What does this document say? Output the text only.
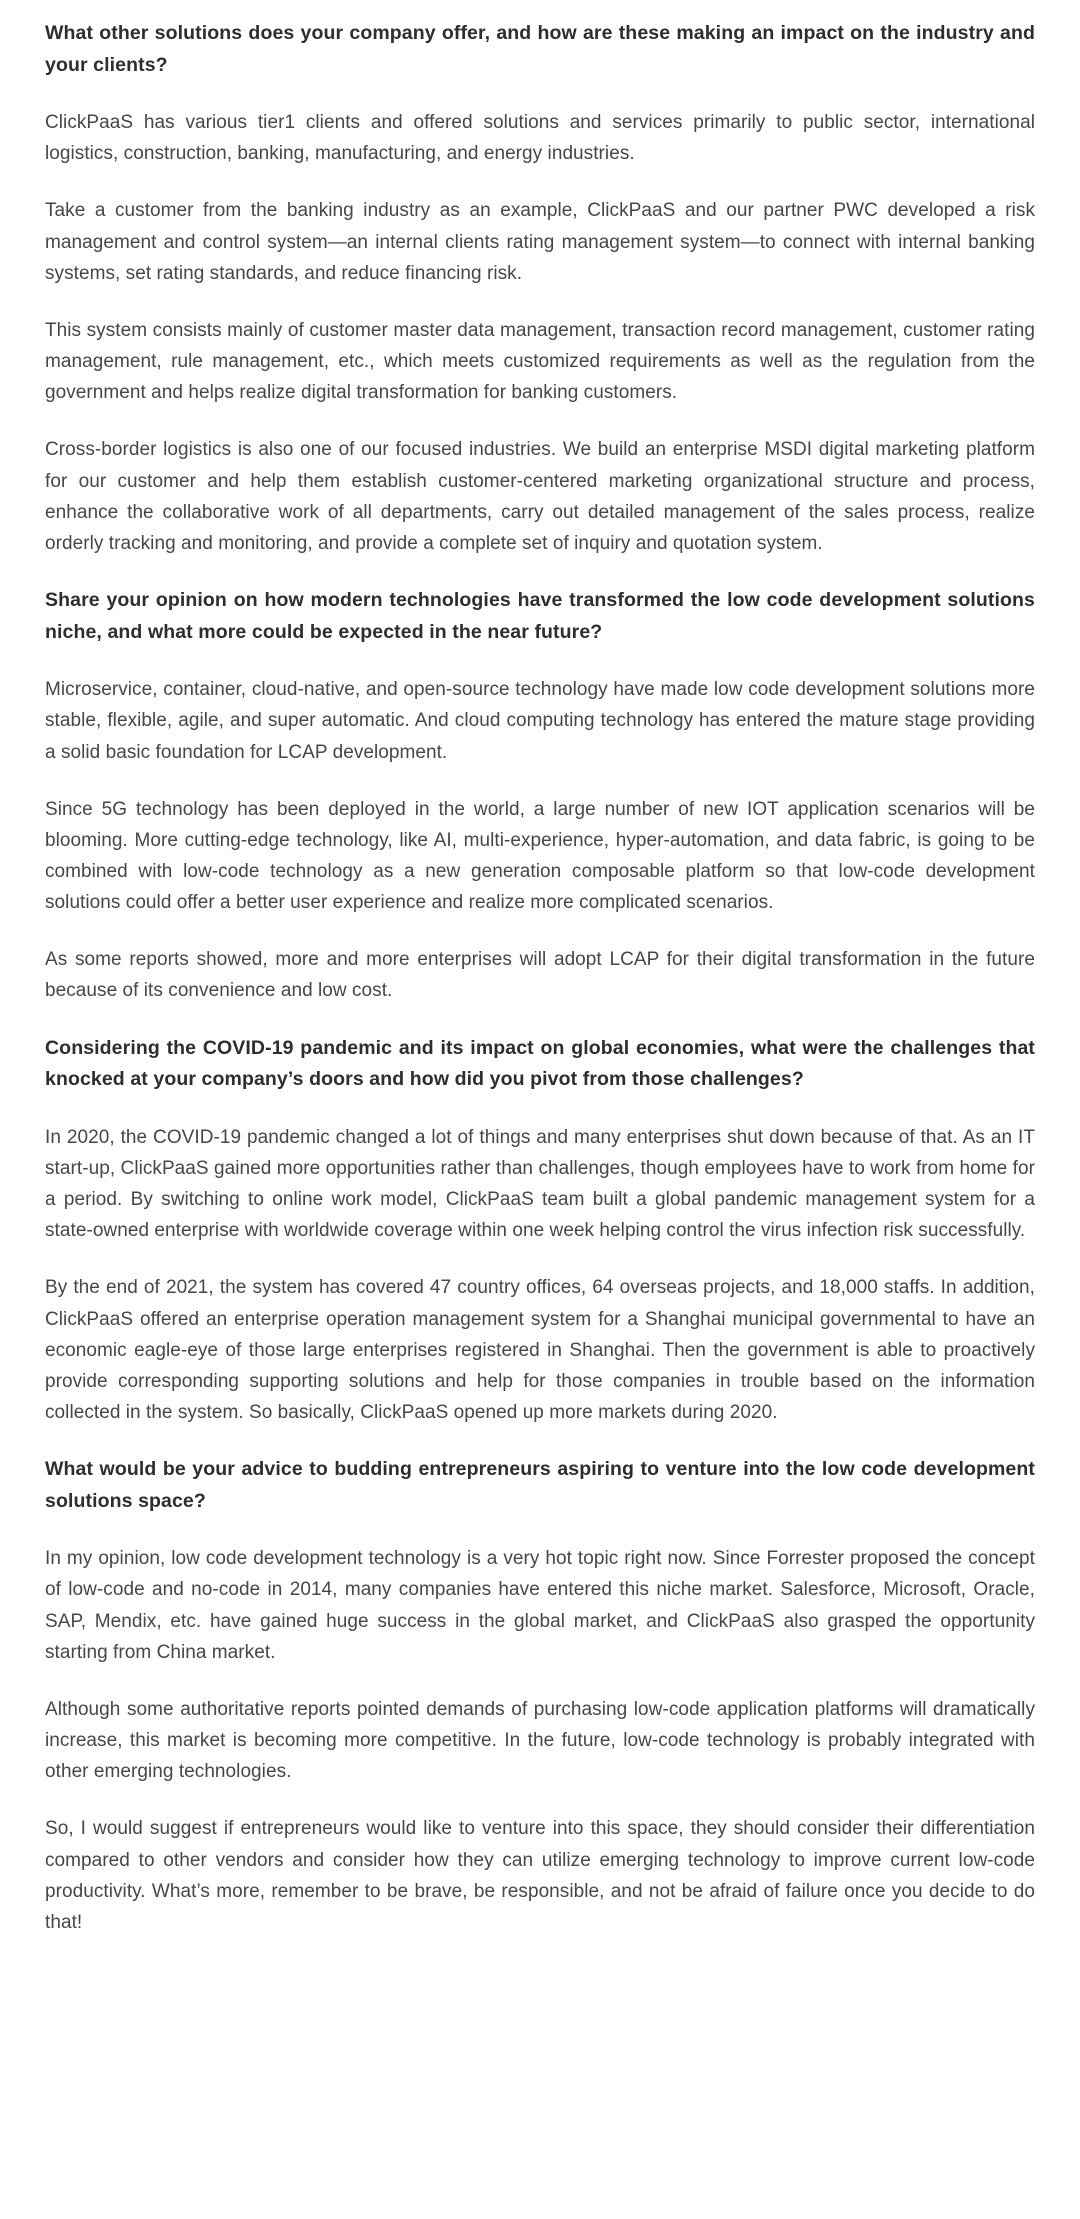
What other solutions does your company offer, and how are these making an impact on the industry and your clients?

ClickPaaS has various tier1 clients and offered solutions and services primarily to public sector, international logistics, construction, banking, manufacturing, and energy industries.

Take a customer from the banking industry as an example, ClickPaaS and our partner PWC developed a risk management and control system—an internal clients rating management system—to connect with internal banking systems, set rating standards, and reduce financing risk.

This system consists mainly of customer master data management, transaction record management, customer rating management, rule management, etc., which meets customized requirements as well as the regulation from the government and helps realize digital transformation for banking customers.

Cross-border logistics is also one of our focused industries. We build an enterprise MSDI digital marketing platform for our customer and help them establish customer-centered marketing organizational structure and process, enhance the collaborative work of all departments, carry out detailed management of the sales process, realize orderly tracking and monitoring, and provide a complete set of inquiry and quotation system.

Share your opinion on how modern technologies have transformed the low code development solutions niche, and what more could be expected in the near future?

Microservice, container, cloud-native, and open-source technology have made low code development solutions more stable, flexible, agile, and super automatic. And cloud computing technology has entered the mature stage providing a solid basic foundation for LCAP development.

Since 5G technology has been deployed in the world, a large number of new IOT application scenarios will be blooming. More cutting-edge technology, like AI, multi-experience, hyper-automation, and data fabric, is going to be combined with low-code technology as a new generation composable platform so that low-code development solutions could offer a better user experience and realize more complicated scenarios.

As some reports showed, more and more enterprises will adopt LCAP for their digital transformation in the future because of its convenience and low cost.

Considering the COVID-19 pandemic and its impact on global economies, what were the challenges that knocked at your company’s doors and how did you pivot from those challenges?

In 2020, the COVID-19 pandemic changed a lot of things and many enterprises shut down because of that. As an IT start-up, ClickPaaS gained more opportunities rather than challenges, though employees have to work from home for a period. By switching to online work model, ClickPaaS team built a global pandemic management system for a state-owned enterprise with worldwide coverage within one week helping control the virus infection risk successfully.

By the end of 2021, the system has covered 47 country offices, 64 overseas projects, and 18,000 staffs. In addition, ClickPaaS offered an enterprise operation management system for a Shanghai municipal governmental to have an economic eagle-eye of those large enterprises registered in Shanghai. Then the government is able to proactively provide corresponding supporting solutions and help for those companies in trouble based on the information collected in the system. So basically, ClickPaaS opened up more markets during 2020.

What would be your advice to budding entrepreneurs aspiring to venture into the low code development solutions space?

In my opinion, low code development technology is a very hot topic right now. Since Forrester proposed the concept of low-code and no-code in 2014, many companies have entered this niche market. Salesforce, Microsoft, Oracle, SAP, Mendix, etc. have gained huge success in the global market, and ClickPaaS also grasped the opportunity starting from China market.

Although some authoritative reports pointed demands of purchasing low-code application platforms will dramatically increase, this market is becoming more competitive. In the future, low-code technology is probably integrated with other emerging technologies.

So, I would suggest if entrepreneurs would like to venture into this space, they should consider their differentiation compared to other vendors and consider how they can utilize emerging technology to improve current low-code productivity. What’s more, remember to be brave, be responsible, and not be afraid of failure once you decide to do that!
